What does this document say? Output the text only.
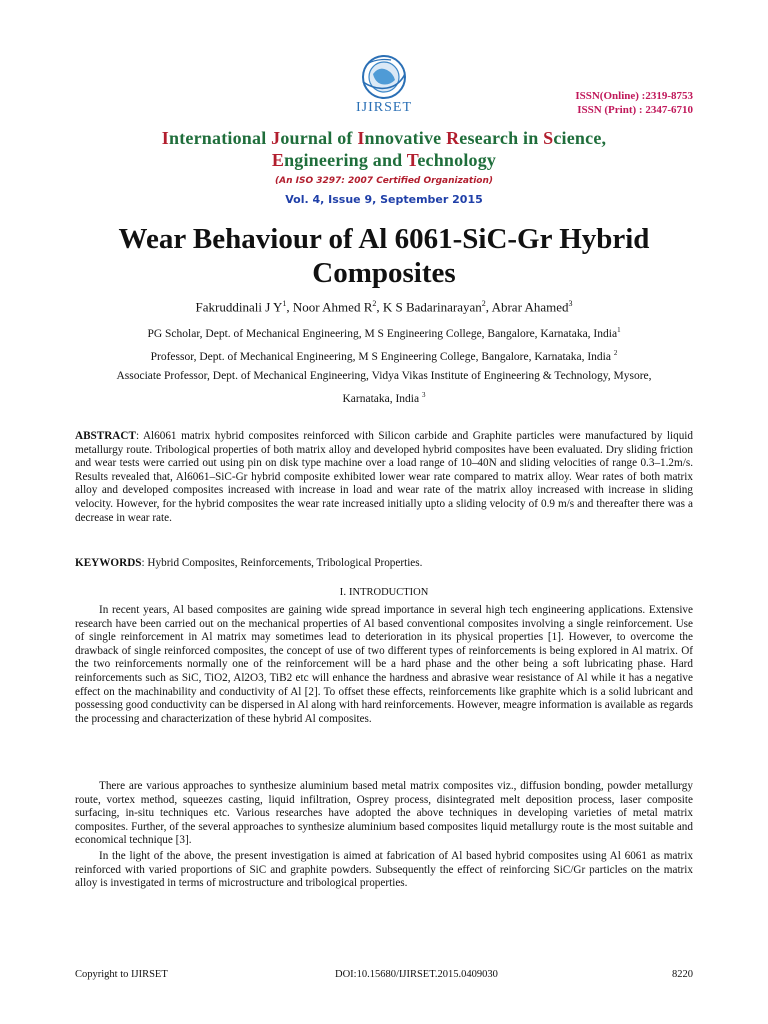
IJIRSET
ISSN(Online) :2319-8753
ISSN (Print) : 2347-6710
International Journal of Innovative Research in Science,
Engineering and Technology
(An ISO 3297: 2007 Certified Organization)
Vol. 4, Issue 9, September 2015
Wear Behaviour of Al 6061-SiC-Gr Hybrid
Composites
Fakruddinali J $Y^1$, Noor Ahmed $R^2$, K S Badarinarayan$^2$, Abrar Ahamed$^3$
PG Scholar, Dept. of Mechanical Engineering, M S Engineering College, Bangalore, Karnataka, India$^1$
Professor, Dept. of Mechanical Engineering, M S Engineering College, Bangalore, Karnataka, India $^2$
Associate Professor, Dept. of Mechanical Engineering, Vidya Vikas Institute of Engineering & Technology, Mysore,
Karnataka, India $^3$
ABSTRACT: Al6061 matrix hybrid composites reinforced with Silicon carbide and Graphite particles were manufactured by liquid metallurgy route. Tribological properties of both matrix alloy and developed hybrid composites have been evaluated. Dry sliding friction and wear tests were carried out using pin on disk type machine over a load range of 10–40N and sliding velocities of range 0.3–1.2m/s. Results revealed that, Al6061–SiC-Gr hybrid composite exhibited lower wear rate compared to matrix alloy. Wear rates of both matrix alloy and developed composites increased with increase in load and wear rate of the matrix alloy increased with increase in sliding velocity. However, for the hybrid composites the wear rate increased initially upto a sliding velocity of 0.9 m/s and thereafter there was a decrease in wear rate.
KEYWORDS: Hybrid Composites, Reinforcements, Tribological Properties.
I. INTRODUCTION

In recent years, Al based composites are gaining wide spread importance in several high tech engineering applications. Extensive research have been carried out on the mechanical properties of Al based conventional composites involving a single reinforcement. Use of single reinforcement in Al matrix may sometimes lead to deterioration in its physical properties [1]. However, to overcome the drawback of single reinforced composites, the concept of use of two different types of reinforcements is being explored in Al matrix. Of the two reinforcements normally one of the reinforcement will be a hard phase and the other being a soft lubricating phase. Hard reinforcements such as SiC, TiO2, Al2O3, TiB2 etc will enhance the hardness and abrasive wear resistance of Al while it has a negative effect on the machinability and conductivity of Al [2]. To offset these effects, reinforcements like graphite which is a solid lubricant and possessing good conductivity can be dispersed in Al along with hard reinforcements. However, meagre information is available as regards the processing and characterization of these hybrid Al composites.

There are various approaches to synthesize aluminium based metal matrix composites viz., diffusion bonding, powder metallurgy route, vortex method, squeezes casting, liquid infiltration, Osprey process, disintegrated melt deposition process, laser composite surfacing, in-situ techniques etc. Various researches have adopted the above techniques in developing varieties of metal matrix composites. Further, of the several approaches to synthesize aluminium based composites liquid metallurgy route is the most suitable and economical technique [3].

In the light of the above, the present investigation is aimed at fabrication of Al based hybrid composites using Al 6061 as matrix reinforced with varied proportions of SiC and graphite powders. Subsequently the effect of reinforcing SiC/Gr particles on the matrix alloy is investigated in terms of microstructure and tribological properties.

Copyright to IJIRSET	DOI:10.15680/IJIRSET.2015.0409030	8220
